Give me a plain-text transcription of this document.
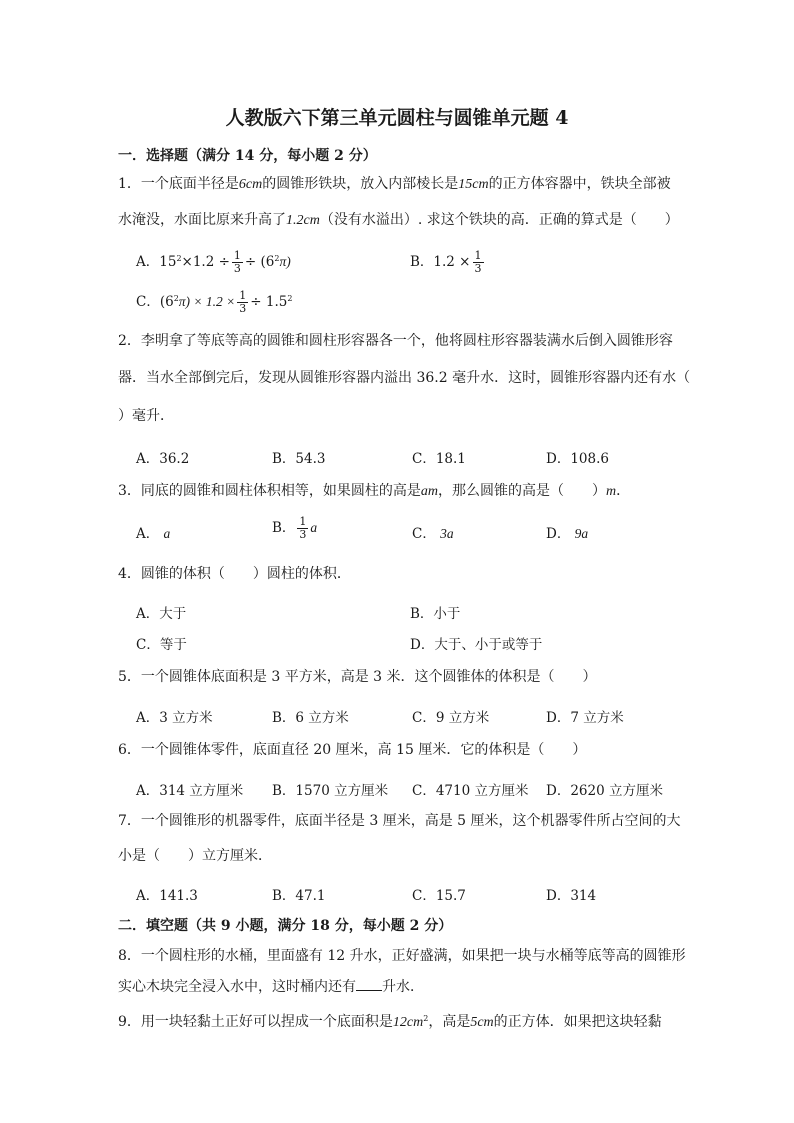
人教版六下第三单元圆柱与圆锥单元题 4
一．选择题（满分 14 分，每小题 2 分）
1．一个底面半径是6cm的圆锥形铁块，放入内部棱长是15cm的正方体容器中，铁块全部被
水淹没，水面比原来升高了1.2cm（没有水溢出）. 求这个铁块的高．正确的算式是（　　）
A．$15^2\times 1.2 \div \frac{1}{3} \div (6^2\pi)$	B．$1.2 \times \frac{1}{3}$
C．$(6^2\pi) \times 1.2 \times \frac{1}{3} \div 1.5^2$
2．李明拿了等底等高的圆锥和圆柱形容器各一个，他将圆柱形容器装满水后倒入圆锥形容
器．当水全部倒完后，发现从圆锥形容器内溢出 36.2 毫升水．这时，圆锥形容器内还有水（
）毫升．
A．36.2	B．54.3	C．18.1	D．108.6
3．同底的圆锥和圆柱体积相等，如果圆柱的高是am，那么圆锥的高是（　　）m．
A． a	B． $\frac{1}{3}$ a	C． 3a	D． 9a
4．圆锥的体积（　　）圆柱的体积．
A．大于	B．小于
C．等于	D．大于、小于或等于
5．一个圆锥体底面积是 3 平方米，高是 3 米．这个圆锥体的体积是（　　）
A．3 立方米	B．6 立方米	C．9 立方米	D．7 立方米
6．一个圆锥体零件，底面直径 20 厘米，高 15 厘米．它的体积是（　　）
A．314 立方厘米 B．1570 立方厘米 C．4710 立方厘米 D．2620 立方厘米
7．一个圆锥形的机器零件，底面半径是 3 厘米，高是 5 厘米，这个机器零件所占空间的大
小是（　　）立方厘米．
A．141.3	B．47.1	C．15.7	D．314
二．填空题（共 9 小题，满分 18 分，每小题 2 分）
8．一个圆柱形的水桶，里面盛有 12 升水，正好盛满，如果把一块与水桶等底等高的圆锥形
实心木块完全浸入水中，这时桶内还有 升水．
9．用一块轻黏土正好可以捏成一个底面积是$12cm^2$，高是5cm的正方体．如果把这块轻黏
